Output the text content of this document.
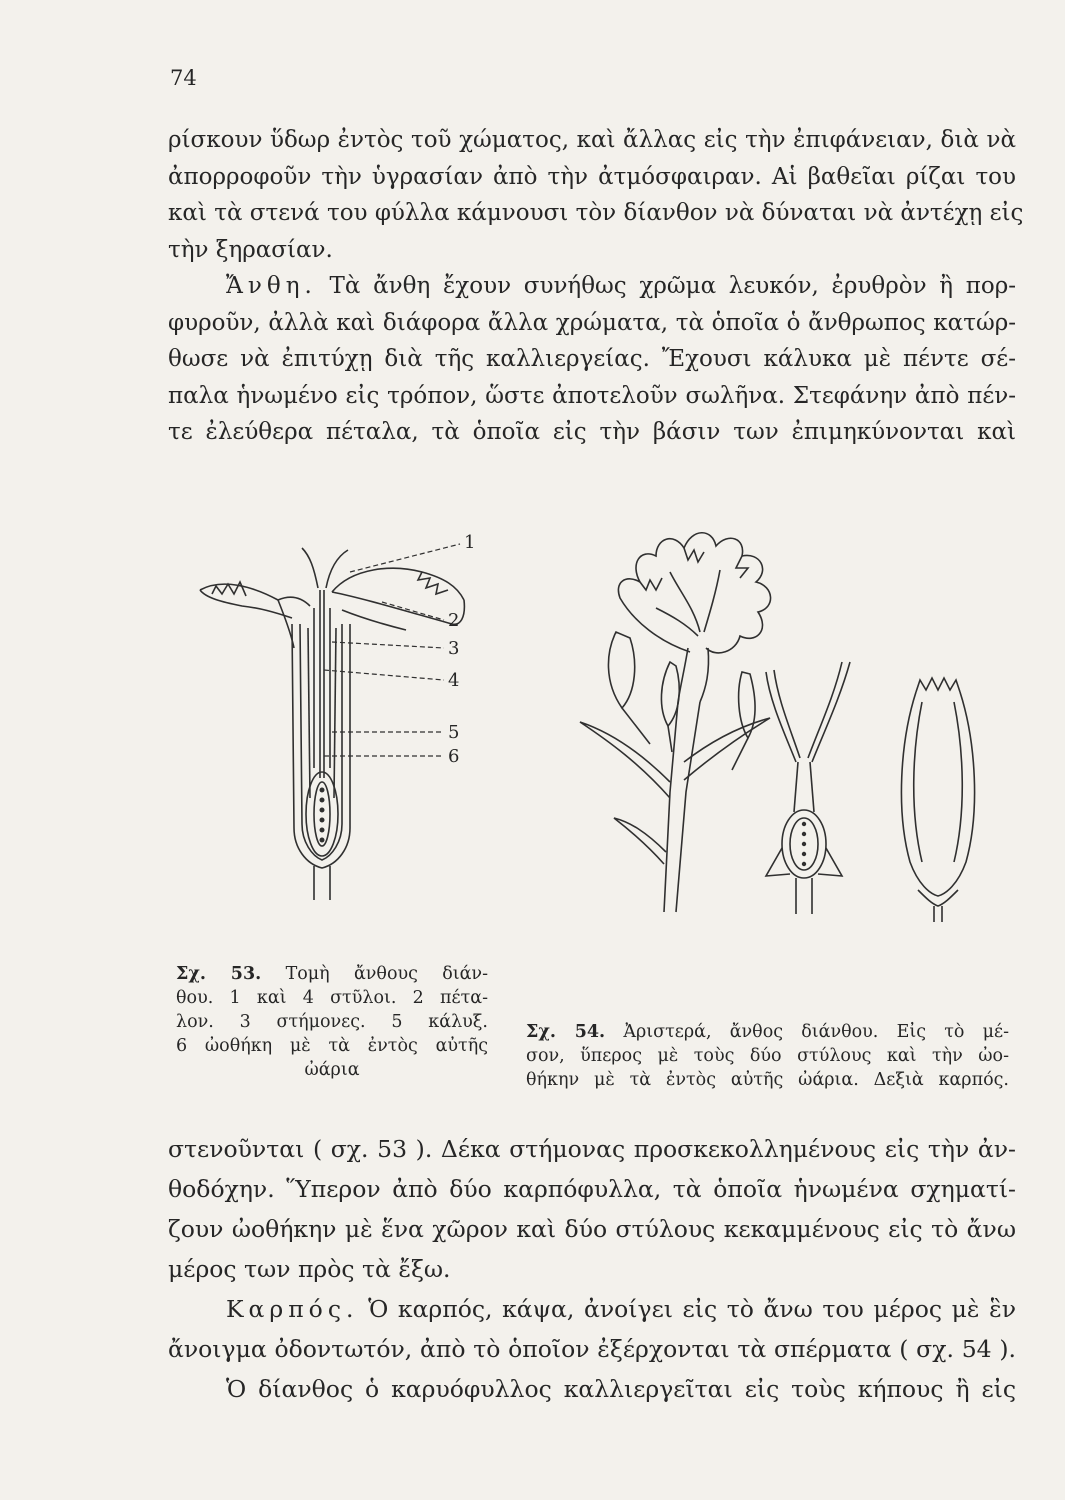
74
ρίσκουν ὕδωρ ἐντὸς τοῦ χώματος, καὶ ἄλλας εἰς τὴν ἐπιφάνειαν, διὰ νὰ
ἀπορροφοῦν τὴν ὑγρασίαν ἀπὸ τὴν ἀτμόσφαιραν. Αἱ βαθεῖαι ρίζαι του
καὶ τὰ στενά του φύλλα κάμνουσι τὸν δίανθον νὰ δύναται νὰ ἀντέχῃ εἰς
τὴν ξηρασίαν.
Ἄνθη. Τὰ ἄνθη ἔχουν συνήθως χρῶμα λευκόν, ἐρυθρὸν ἢ πορ-
φυροῦν, ἀλλὰ καὶ διάφορα ἄλλα χρώματα, τὰ ὁποῖα ὁ ἄνθρωπος κατώρ-
θωσε νὰ ἐπιτύχῃ διὰ τῆς καλλιεργείας. Ἔχουσι κάλυκα μὲ πέντε σέ-
παλα ἡνωμένο εἰς τρόπον, ὥστε ἀποτελοῦν σωλῆνα. Στεφάνην ἀπὸ πέν-
τε ἐλεύθερα πέταλα, τὰ ὁποῖα εἰς τὴν βάσιν των ἐπιμηκύνονται καὶ
1
2
3
4
5
6
Σχ. 53. Τομὴ ἄνθους διάν-
θου. 1 καὶ 4 στῦλοι. 2 πέτα-
λον. 3 στήμονες. 5 κάλυξ.
6 ὠοθήκη μὲ τὰ ἐντὸς αὐτῆς
ὠάρια
Σχ. 54. Ἀριστερά, ἄνθος διάνθου. Εἰς τὸ μέ-
σον, ὕπερος μὲ τοὺς δύο στύλους καὶ τὴν ὠο-
θήκην μὲ τὰ ἐντὸς αὐτῆς ὠάρια. Δεξιὰ καρπός.
στενοῦνται ( σχ. 53 ). Δέκα στήμονας προσκεκολλημένους εἰς τὴν ἀν-
θοδόχην. Ὕπερον ἀπὸ δύο καρπόφυλλα, τὰ ὁποῖα ἡνωμένα σχηματί-
ζουν ὠοθήκην μὲ ἕνα χῶρον καὶ δύο στύλους κεκαμμένους εἰς τὸ ἄνω
μέρος των πρὸς τὰ ἔξω.
Καρπός. Ὁ καρπός, κάψα, ἀνοίγει εἰς τὸ ἄνω του μέρος μὲ ἓν
ἄνοιγμα ὀδοντωτόν, ἀπὸ τὸ ὁποῖον ἐξέρχονται τὰ σπέρματα ( σχ. 54 ).
Ὁ δίανθος ὁ καρυόφυλλος καλλιεργεῖται εἰς τοὺς κήπους ἢ εἰς
